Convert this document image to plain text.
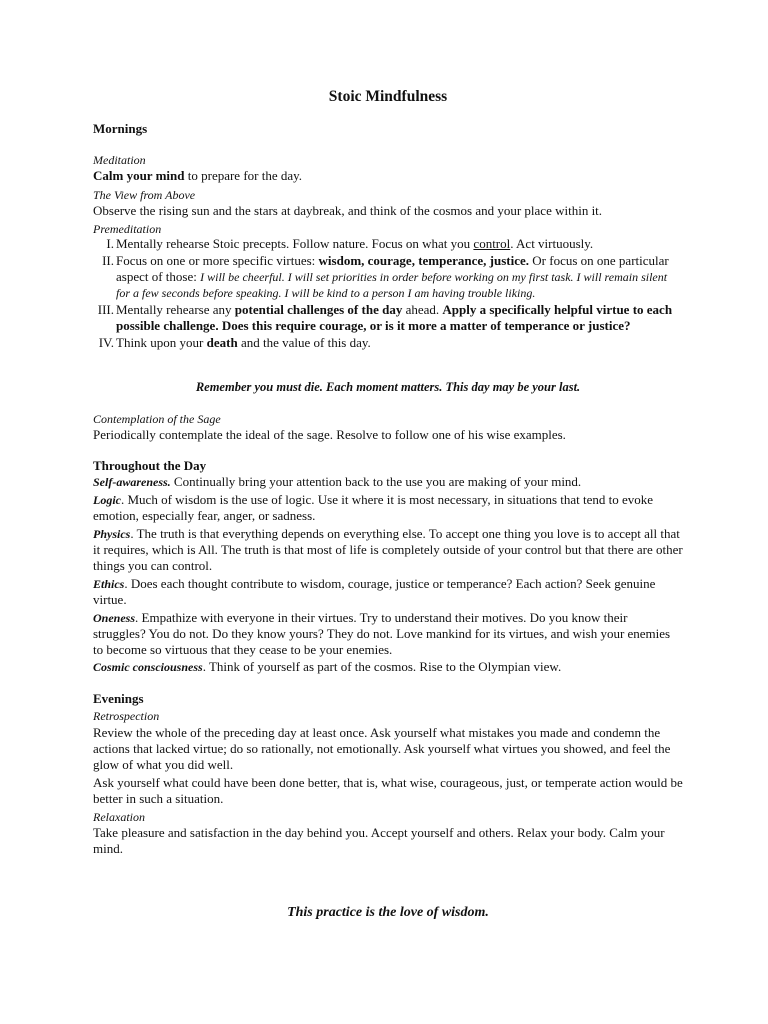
Stoic Mindfulness
Mornings
Meditation
Calm your mind to prepare for the day.
The View from Above
Observe the rising sun and the stars at daybreak, and think of the cosmos and your place within it.
Premeditation
I. Mentally rehearse Stoic precepts. Follow nature. Focus on what you control. Act virtuously.
II. Focus on one or more specific virtues: wisdom, courage, temperance, justice. Or focus on one particular aspect of those: I will be cheerful. I will set priorities in order before working on my first task. I will remain silent for a few seconds before speaking. I will be kind to a person I am having trouble liking.
III. Mentally rehearse any potential challenges of the day ahead. Apply a specifically helpful virtue to each possible challenge. Does this require courage, or is it more a matter of temperance or justice?
IV. Think upon your death and the value of this day.
Remember you must die. Each moment matters. This day may be your last.
Contemplation of the Sage
Periodically contemplate the ideal of the sage. Resolve to follow one of his wise examples.
Throughout the Day

Self-awareness. Continually bring your attention back to the use you are making of your mind.

Logic. Much of wisdom is the use of logic. Use it where it is most necessary, in situations that tend to evoke emotion, especially fear, anger, or sadness.

Physics. The truth is that everything depends on everything else. To accept one thing you love is to accept all that it requires, which is All. The truth is that most of life is completely outside of your control but that there are other things you can control.

Ethics. Does each thought contribute to wisdom, courage, justice or temperance? Each action? Seek genuine virtue.

Oneness. Empathize with everyone in their virtues. Try to understand their motives. Do you know their struggles? You do not. Do they know yours? They do not. Love mankind for its virtues, and wish your enemies to become so virtuous that they cease to be your enemies.

Cosmic consciousness. Think of yourself as part of the cosmos. Rise to the Olympian view.

Evenings
Retrospection

Review the whole of the preceding day at least once. Ask yourself what mistakes you made and condemn the actions that lacked virtue; do so rationally, not emotionally. Ask yourself what virtues you showed, and feel the glow of what you did well.

Ask yourself what could have been done better, that is, what wise, courageous, just, or temperate action would be better in such a situation.

Relaxation
Take pleasure and satisfaction in the day behind you. Accept yourself and others. Relax your body. Calm your mind.
This practice is the love of wisdom.
